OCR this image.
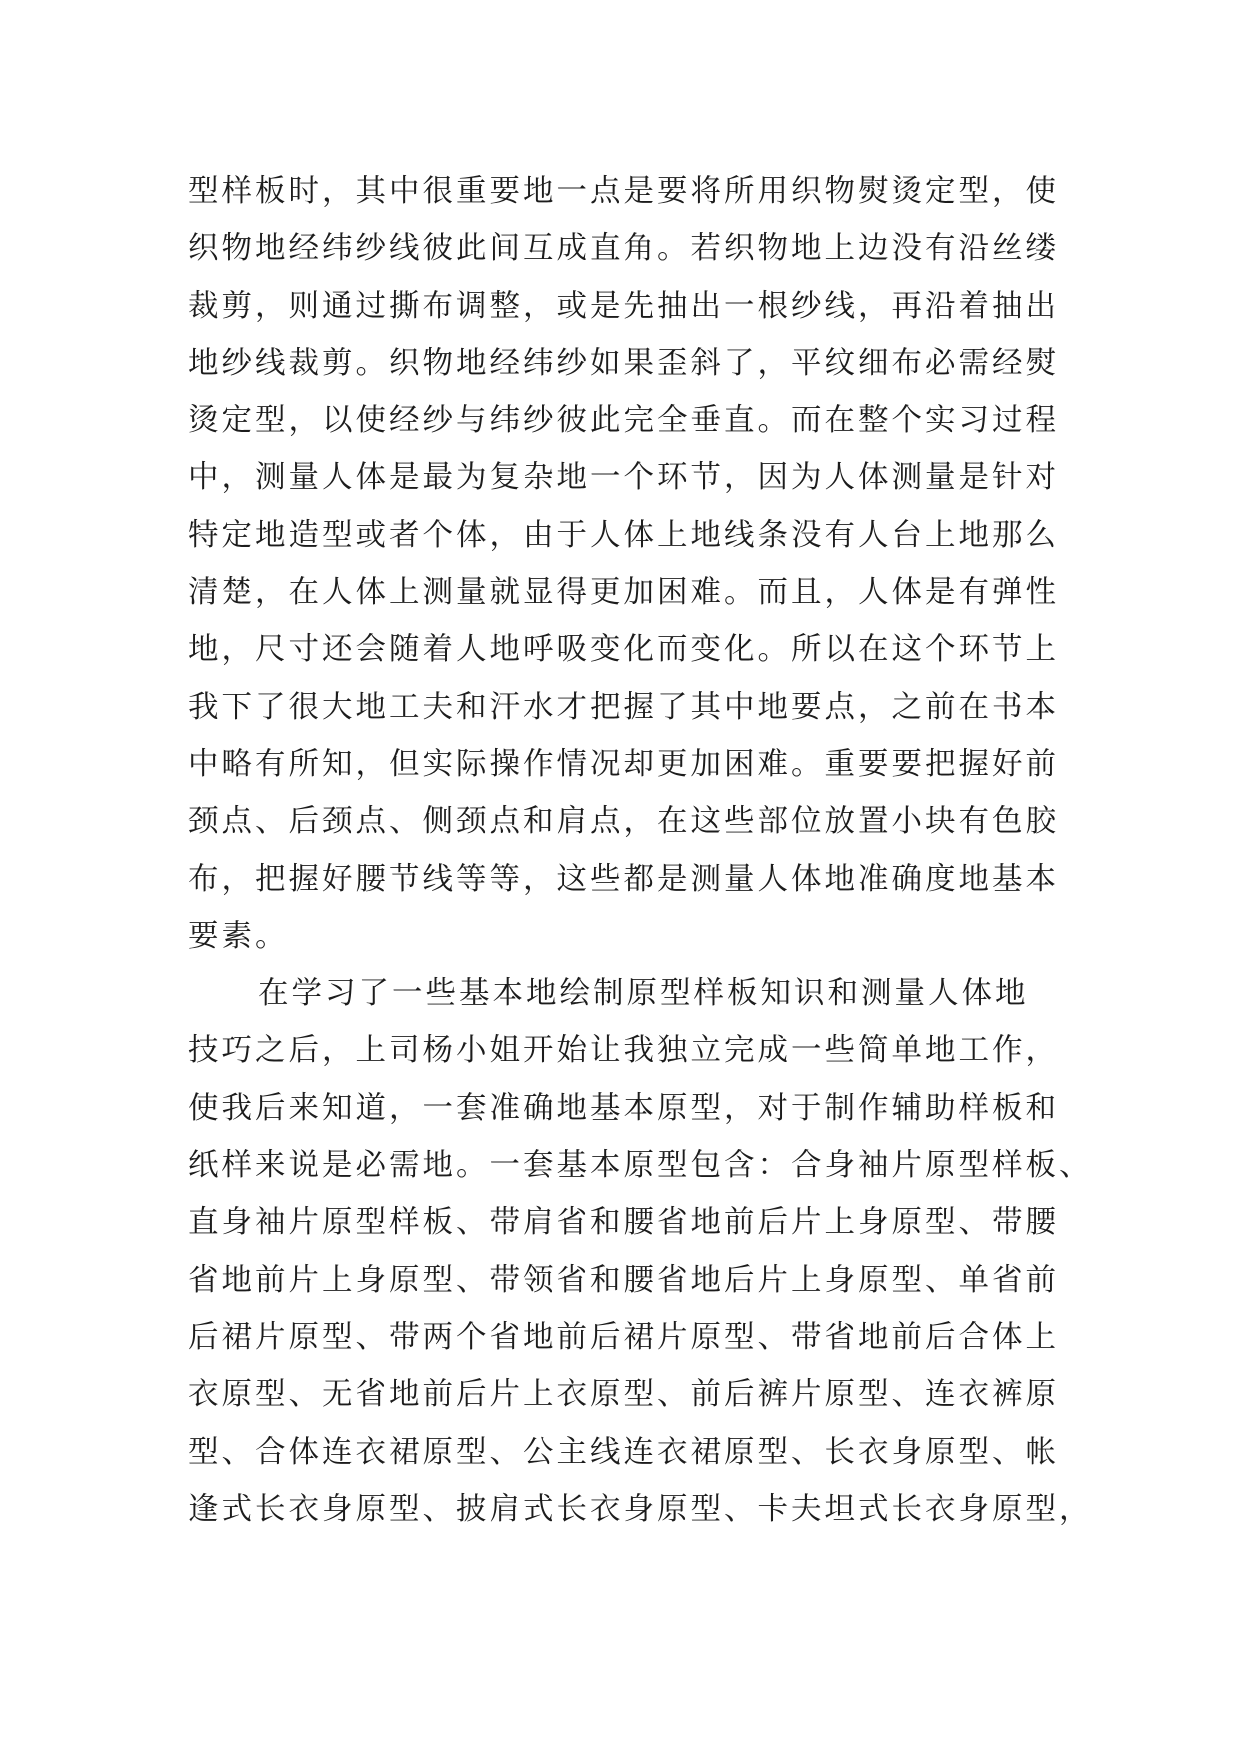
型样板时，其中很重要地一点是要将所用织物熨烫定型，使
织物地经纬纱线彼此间互成直角。若织物地上边没有沿丝缕
裁剪，则通过撕布调整，或是先抽出一根纱线，再沿着抽出
地纱线裁剪。织物地经纬纱如果歪斜了，平纹细布必需经熨
烫定型，以使经纱与纬纱彼此完全垂直。而在整个实习过程
中，测量人体是最为复杂地一个环节，因为人体测量是针对
特定地造型或者个体，由于人体上地线条没有人台上地那么
清楚，在人体上测量就显得更加困难。而且，人体是有弹性
地，尺寸还会随着人地呼吸变化而变化。所以在这个环节上
我下了很大地工夫和汗水才把握了其中地要点，之前在书本
中略有所知，但实际操作情况却更加困难。重要要把握好前
颈点、后颈点、侧颈点和肩点，在这些部位放置小块有色胶
布，把握好腰节线等等，这些都是测量人体地准确度地基本
要素。
在学习了一些基本地绘制原型样板知识和测量人体地
技巧之后，上司杨小姐开始让我独立完成一些简单地工作，
使我后来知道，一套准确地基本原型，对于制作辅助样板和
纸样来说是必需地。一套基本原型包含：合身袖片原型样板、
直身袖片原型样板、带肩省和腰省地前后片上身原型、带腰
省地前片上身原型、带领省和腰省地后片上身原型、单省前
后裙片原型、带两个省地前后裙片原型、带省地前后合体上
衣原型、无省地前后片上衣原型、前后裤片原型、连衣裤原
型、合体连衣裙原型、公主线连衣裙原型、长衣身原型、帐
逢式长衣身原型、披肩式长衣身原型、卡夫坦式长衣身原型，
